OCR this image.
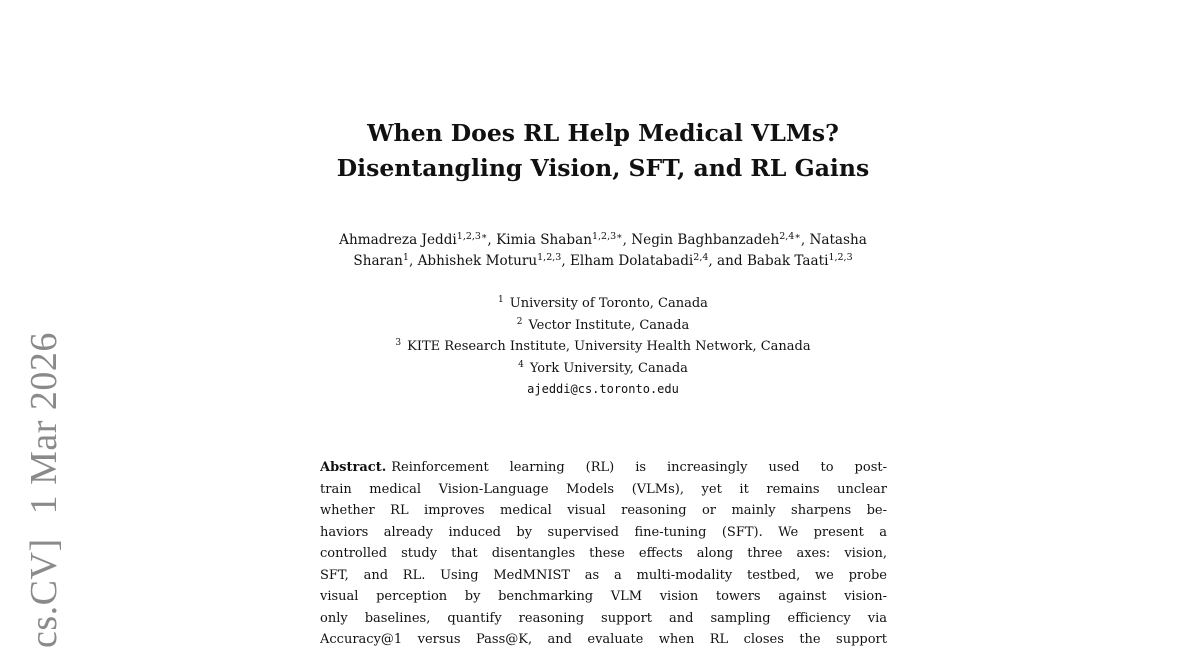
cs.CV] 1 Mar 2026
When Does RL Help Medical VLMs?
Disentangling Vision, SFT, and RL Gains
Ahmadreza Jeddi$^{1,2,3∗}$, Kimia Shaban$^{1,2,3∗}$, Negin Baghbanzadeh$^{2,4∗}$, Natasha
Sharan$^1$, Abhishek Moturu$^{1,2,3}$, Elham Dolatabadi$^{2,4}$, and Babak Taati$^{1,2,3}$
$^1$ University of Toronto, Canada
$^2$ Vector Institute, Canada
$^3$ KITE Research Institute, University Health Network, Canada
$^4$ York University, Canada
ajeddi@cs.toronto.edu
Abstract. Reinforcement learning (RL) is increasingly used to post-
train medical Vision-Language Models (VLMs), yet it remains unclear
whether RL improves medical visual reasoning or mainly sharpens be-
haviors already induced by supervised fine-tuning (SFT). We present a
controlled study that disentangles these effects along three axes: vision,
SFT, and RL. Using MedMNIST as a multi-modality testbed, we probe
visual perception by benchmarking VLM vision towers against vision-
only baselines, quantify reasoning support and sampling efficiency via
Accuracy@1 versus Pass@K, and evaluate when RL closes the support
